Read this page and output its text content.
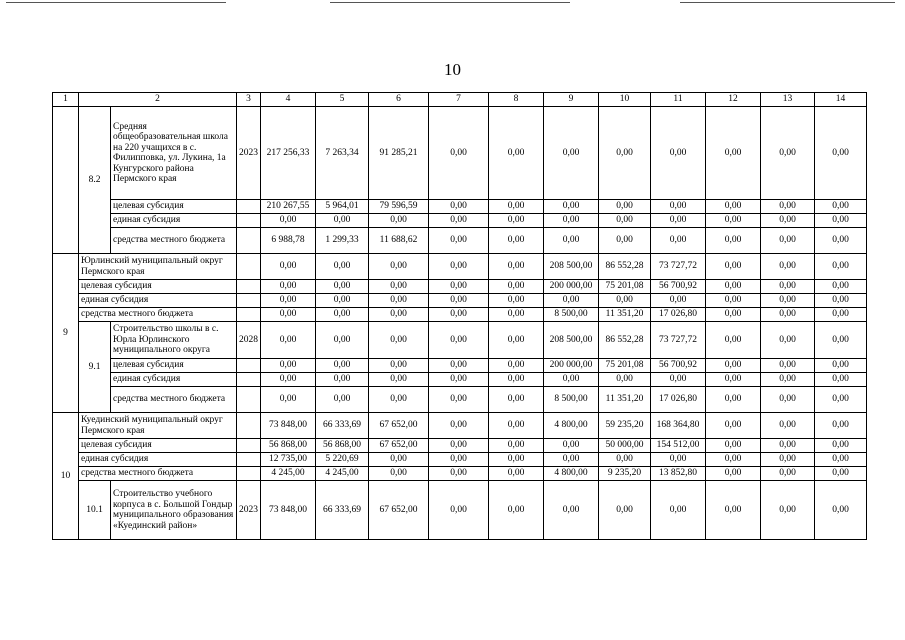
10
1	2		3	4	5	6	7	8	9	10	11	12	13	14
	8.2	Средняя общеобразовательная школа на 220 учащихся в с. Филипповка, ул. Лукина, 1а Кунгурского района Пермского края	2023	217 256,33	7 263,34	91 285,21	0,00	0,00	0,00	0,00	0,00	0,00	0,00	0,00
		целевая субсидия		210 267,55	5 964,01	79 596,59	0,00	0,00	0,00	0,00	0,00	0,00	0,00	0,00
		единая субсидия		0,00	0,00	0,00	0,00	0,00	0,00	0,00	0,00	0,00	0,00	0,00
		средства местного бюджета		6 988,78	1 299,33	11 688,62	0,00	0,00	0,00	0,00	0,00	0,00	0,00	0,00
9	Юрлинский муниципальный округ Пермского края			0,00	0,00	0,00	0,00	0,00	208 500,00	86 552,28	73 727,72	0,00	0,00	0,00
	целевая субсидия			0,00	0,00	0,00	0,00	0,00	200 000,00	75 201,08	56 700,92	0,00	0,00	0,00
	единая субсидия			0,00	0,00	0,00	0,00	0,00	0,00	0,00	0,00	0,00	0,00	0,00
	средства местного бюджета			0,00	0,00	0,00	0,00	0,00	8 500,00	11 351,20	17 026,80	0,00	0,00	0,00
	9.1	Строительство школы в с. Юрла Юрлинского муниципального округа	2028	0,00	0,00	0,00	0,00	0,00	208 500,00	86 552,28	73 727,72	0,00	0,00	0,00
		целевая субсидия		0,00	0,00	0,00	0,00	0,00	200 000,00	75 201,08	56 700,92	0,00	0,00	0,00
		единая субсидия		0,00	0,00	0,00	0,00	0,00	0,00	0,00	0,00	0,00	0,00	0,00
		средства местного бюджета		0,00	0,00	0,00	0,00	0,00	8 500,00	11 351,20	17 026,80	0,00	0,00	0,00
10	Куединский муниципальный округ Пермского края			73 848,00	66 333,69	67 652,00	0,00	0,00	4 800,00	59 235,20	168 364,80	0,00	0,00	0,00
	целевая субсидия			56 868,00	56 868,00	67 652,00	0,00	0,00	0,00	50 000,00	154 512,00	0,00	0,00	0,00
	единая субсидия			12 735,00	5 220,69	0,00	0,00	0,00	0,00	0,00	0,00	0,00	0,00	0,00
	средства местного бюджета			4 245,00	4 245,00	0,00	0,00	0,00	4 800,00	9 235,20	13 852,80	0,00	0,00	0,00
	10.1	Строительство учебного корпуса в с. Большой Гондыр муниципального образования «Куединский район»	2023	73 848,00	66 333,69	67 652,00	0,00	0,00	0,00	0,00	0,00	0,00	0,00	0,00
